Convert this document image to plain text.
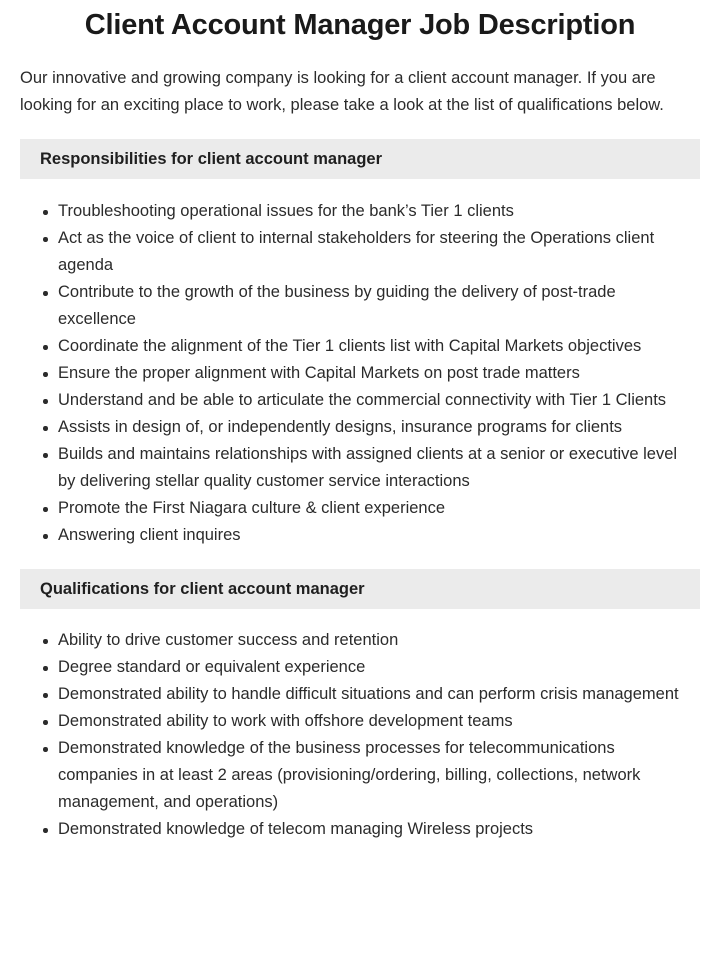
Client Account Manager Job Description

Our innovative and growing company is looking for a client account manager. If you are looking for an exciting place to work, please take a look at the list of qualifications below.

Responsibilities for client account manager
Troubleshooting operational issues for the bank’s Tier 1 clients
Act as the voice of client to internal stakeholders for steering the Operations client agenda
Contribute to the growth of the business by guiding the delivery of post-trade excellence
Coordinate the alignment of the Tier 1 clients list with Capital Markets objectives
Ensure the proper alignment with Capital Markets on post trade matters
Understand and be able to articulate the commercial connectivity with Tier 1 Clients
Assists in design of, or independently designs, insurance programs for clients
Builds and maintains relationships with assigned clients at a senior or executive level by delivering stellar quality customer service interactions
Promote the First Niagara culture & client experience
Answering client inquires
Qualifications for client account manager
Ability to drive customer success and retention
Degree standard or equivalent experience
Demonstrated ability to handle difficult situations and can perform crisis management
Demonstrated ability to work with offshore development teams
Demonstrated knowledge of the business processes for telecommunications companies in at least 2 areas (provisioning/ordering, billing, collections, network management, and operations)
Demonstrated knowledge of telecom managing Wireless projects
